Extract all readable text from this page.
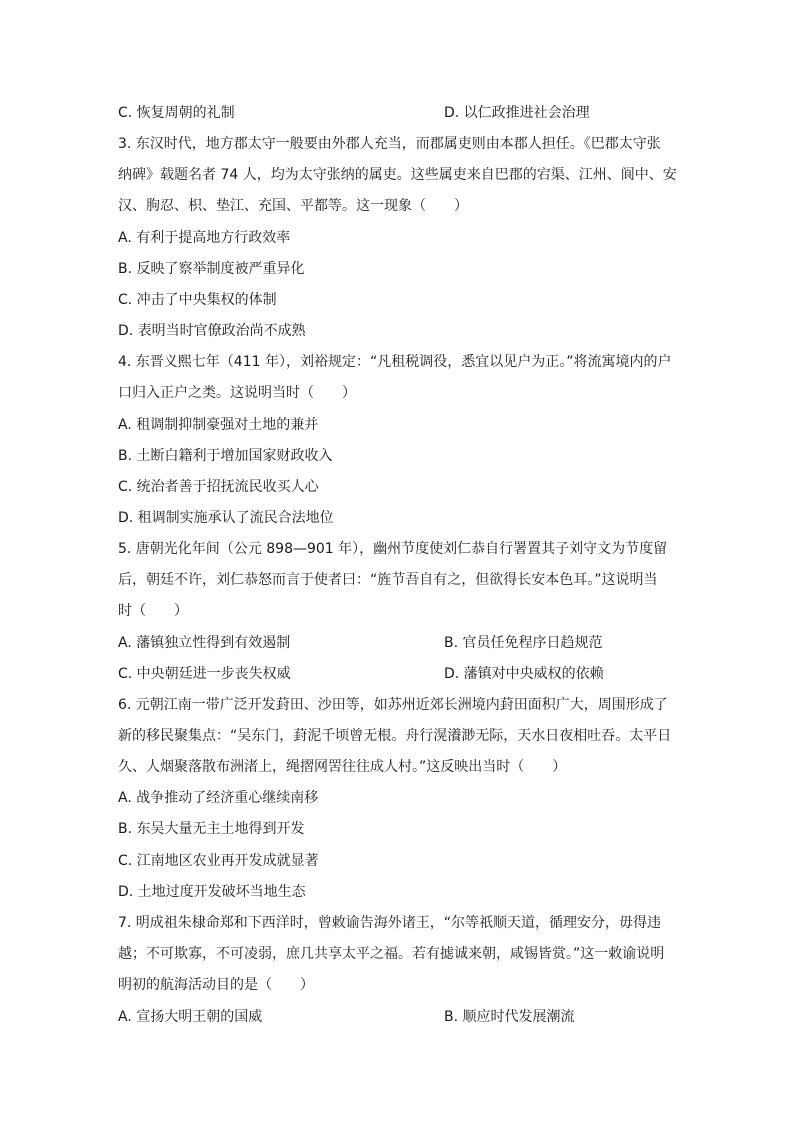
C. 恢复周朝的礼制	D. 以仁政推进社会治理
3. 东汉时代，地方郡太守一般要由外郡人充当，而郡属吏则由本郡人担任。《巴郡太守张
纳碑》载题名者 74 人，均为太守张纳的属吏。这些属吏来自巴郡的宕渠、江州、阆中、安
汉、朐忍、枳、垫江、充国、平都等。这一现象（　　）
A. 有利于提高地方行政效率
B. 反映了察举制度被严重异化
C. 冲击了中央集权的体制
D. 表明当时官僚政治尚不成熟
4. 东晋义熙七年（411 年），刘裕规定：“凡租税调役，悉宜以见户为正。”将流寓境内的户
口归入正户之类。这说明当时（　　）
A. 租调制抑制豪强对土地的兼并
B. 土断白籍利于增加国家财政收入
C. 统治者善于招抚流民收买人心
D. 租调制实施承认了流民合法地位
5. 唐朝光化年间（公元 898—901 年），幽州节度使刘仁恭自行署置其子刘守文为节度留
后，朝廷不许，刘仁恭怒而言于使者曰：“旌节吾自有之，但欲得长安本色耳。”这说明当
时（　　）
A. 藩镇独立性得到有效遏制	B. 官员任免程序日趋规范
C. 中央朝廷进一步丧失权威	D. 藩镇对中央威权的依赖
6. 元朝江南一带广泛开发葑田、沙田等，如苏州近郊长洲境内葑田面积广大，周围形成了
新的移民聚集点：“吴东门，葑泥千顷曾无根。舟行滉瀁渺无际，天水日夜相吐吞。太平日
久、人烟聚落散布洲渚上，绳摺网罟往往成人村。”这反映出当时（　　）
A. 战争推动了经济重心继续南移
B. 东吴大量无主土地得到开发
C. 江南地区农业再开发成就显著
D. 土地过度开发破坏当地生态
7. 明成祖朱棣命郑和下西洋时，曾敕谕告海外诸王，“尔等祇顺天道，循理安分，毋得违
越；不可欺寡，不可凌弱，庶几共享太平之福。若有摅诚来朝，咸锡皆赏。”这一敕谕说明
明初的航海活动目的是（　　）
A. 宣扬大明王朝的国威	B. 顺应时代发展潮流
